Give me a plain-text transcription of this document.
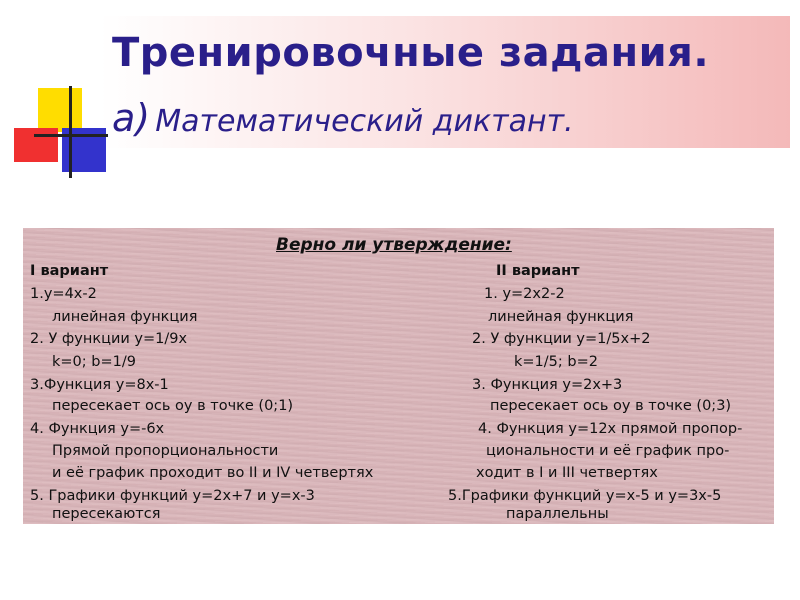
Тренировочные задания.
а) Математический диктант.
Верно ли утверждение:
I вариант
1.y=4x-2
линейная функция
2. У функции y=1/9x
k=0; b=1/9
3.Функция y=8x-1
пересекает ось оу в точке (0;1)
4. Функция y=-6x
Прямой пропорциональности
и её график проходит во II и IV четвертях
5. Графики функций y=2x+7 и y=x-3
пересекаются
II вариант
1. y=2x2-2
линейная функция
2. У функции y=1/5x+2
k=1/5; b=2
3. Функция y=2x+3
пересекает ось оу в точке (0;3)
4. Функция y=12x прямой пропор-
циональности и её график про-
ходит в I и III четвертях
5.Графики функций y=x-5 и y=3x-5
параллельны
